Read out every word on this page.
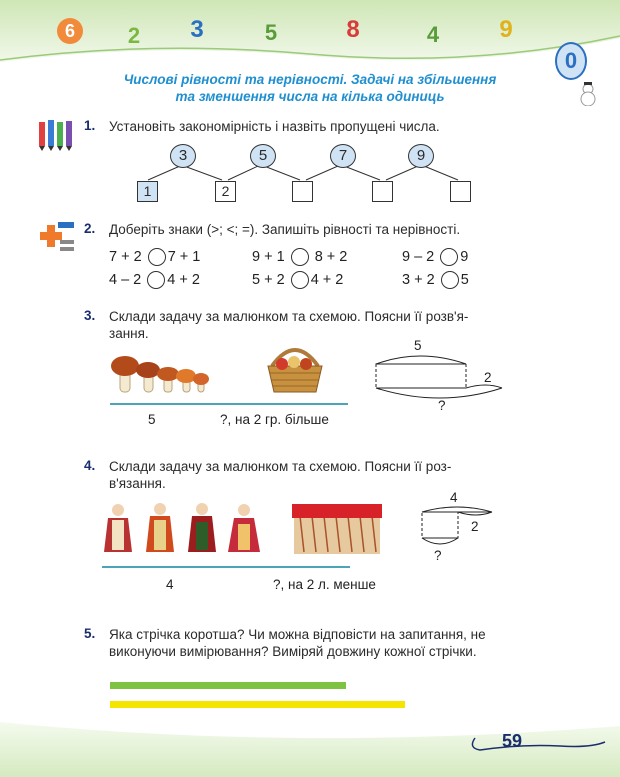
6	2 3	5	8	4	9
0
Числові рівності та нерівності. Задачі на збільшення
та зменшення числа на кілька одиниць
1. Установіть закономірність і назвіть пропущені числа.
3	5	7	9
1	2
2. Доберіть знаки (>; <; =). Запишіть рівності та нерівності.
7 + 2 7 + 1	9 + 1 8 + 2	9 – 2 9
4 – 2 4 + 2	5 + 2 4 + 2	3 + 2 5
3. Склади задачу за малюнком та схемою. Поясни її розв'я-
зання.
5	?, на 2 гр. більше
5
2
?
4. Склади задачу за малюнком та схемою. Поясни її роз-
в'язання.
4	?, на 2 л. менше
4
2
?
5. Яка стрічка коротша? Чи можна відповісти на запитання, не
виконуючи вимірювання? Виміряй довжину кожної стрічки.
59
